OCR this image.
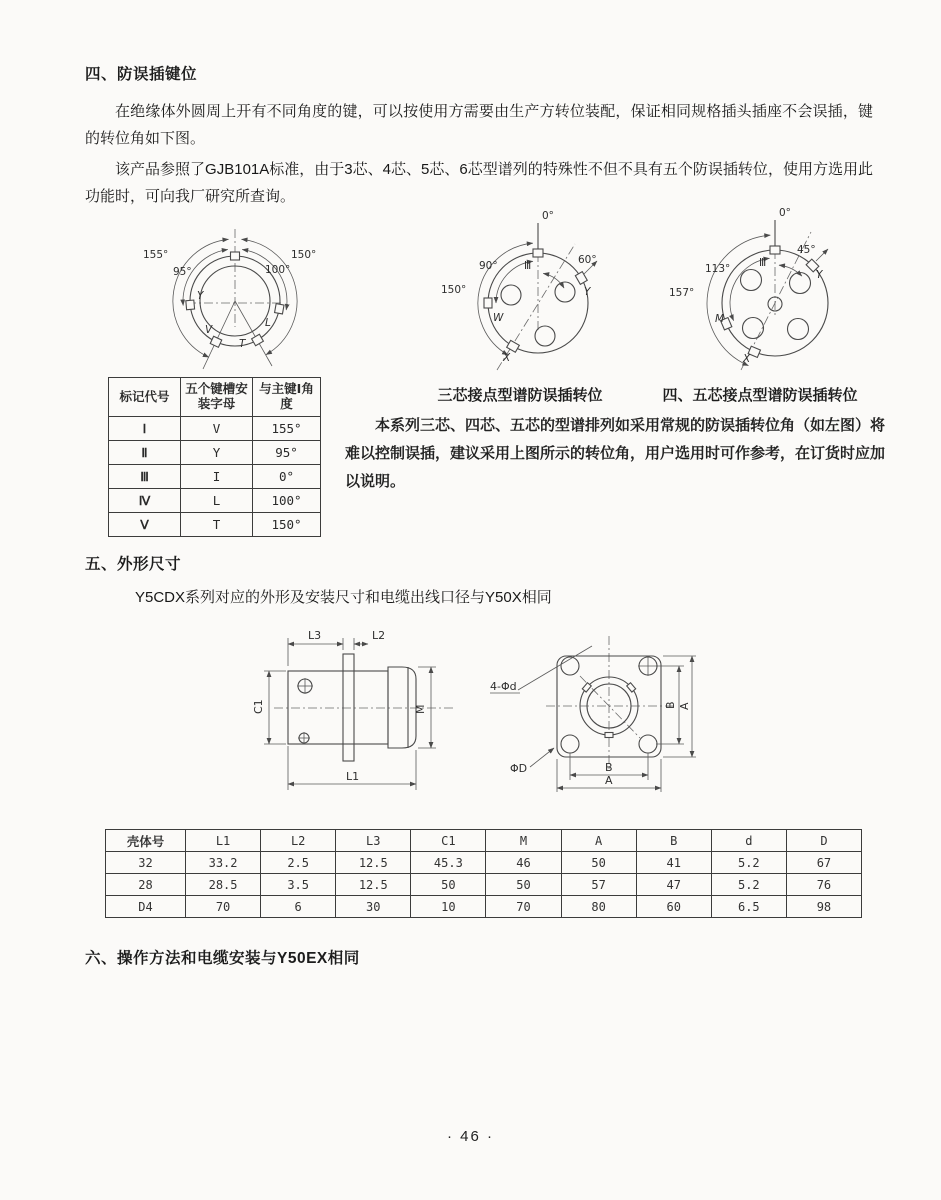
四、防误插键位
在绝缘体外圆周上开有不同角度的键，可以按使用方需要由生产方转位装配，保证相同规格插头插座不会误插，键的转位角如下图。
该产品参照了GJB101A标准，由于3芯、4芯、5芯、6芯型谱列的特殊性不但不具有五个防误插转位，使用方选用此功能时，可向我厂研究所查询。
155°
95°	100°
150°
Y
V
L
T
0°
60°
90°
150°
Ⅲ
Y
W
X
0°
45°
113°
157°
Ⅲ
Y
M
X
三芯接点型谱防误插转位	四、五芯接点型谱防误插转位
标记代号	五个键槽安装字母	与主键Ⅰ角度
Ⅰ	V	155°
Ⅱ	Y	95°
Ⅲ	I	0°
Ⅳ	L	100°
Ⅴ	T	150°
本系列三芯、四芯、五芯的型谱排列如采用常规的防误插转位角（如左图）将难以控制误插，建议采用上图所示的转位角，用户选用时可作参考，在订货时应加以说明。
五、外形尺寸
Y5CDX系列对应的外形及安装尺寸和电缆出线口径与Y50X相同
L3	L2
C1	M
L1
4-Φd
ΦD	B
A
B A
壳体号	L1	L2	L3	C1	M	A	B	d	D
32	33.2	2.5	12.5	45.3	46	50	41	5.2	67
28	28.5	3.5	12.5	50	50	57	47	5.2	76
D4	70	6	30	10	70	80	60	6.5	98
六、操作方法和电缆安装与Y50EX相同
· 46 ·
